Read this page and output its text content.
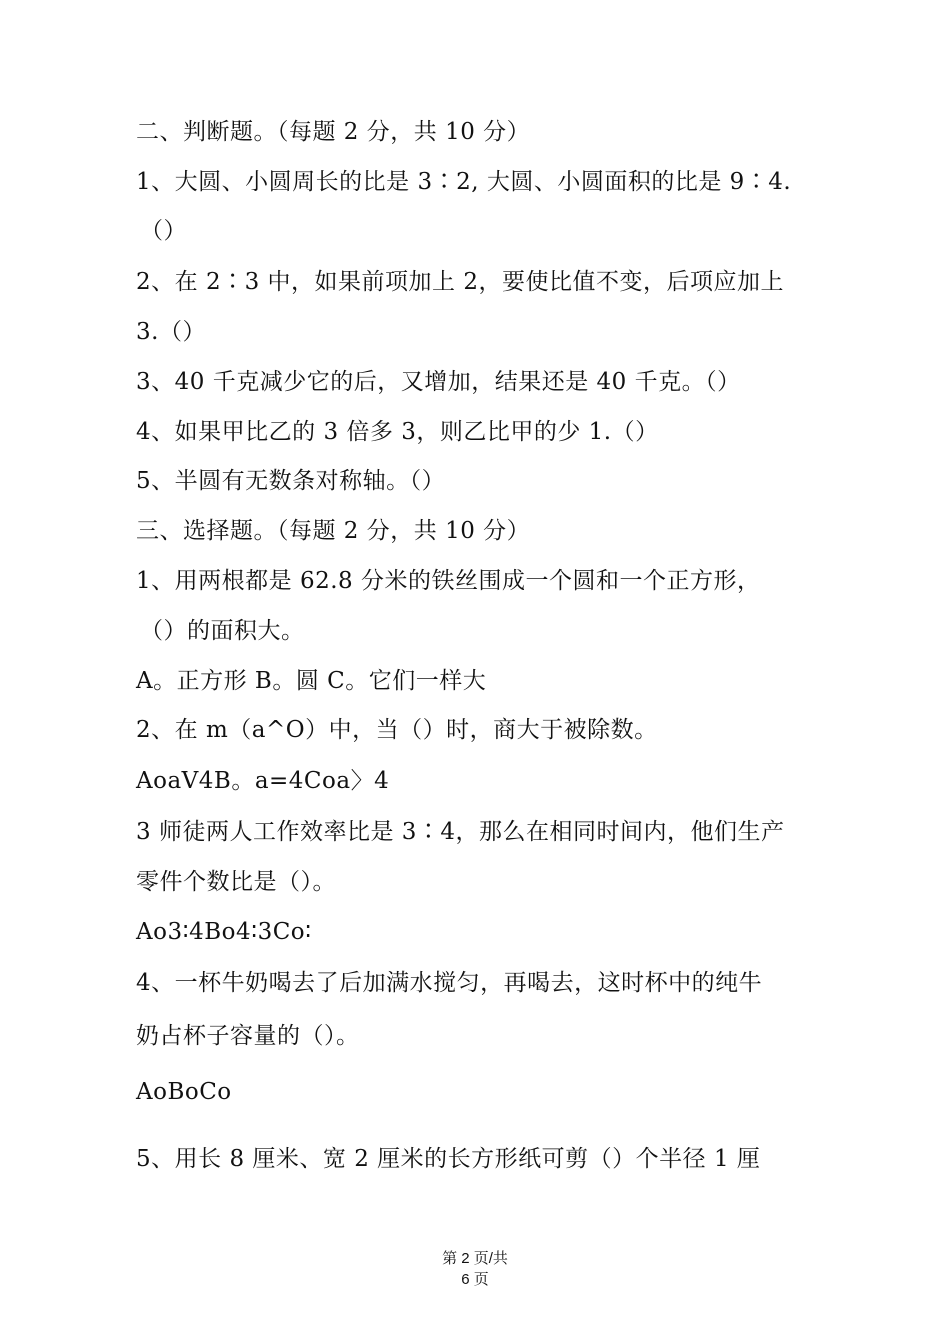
二、判断题。（每题 2 分，共 10 分）
1、大圆、小圆周长的比是 3∶2, 大圆、小圆面积的比是 9∶4.
（）
2、在 2∶3 中，如果前项加上 2，要使比值不变，后项应加上
3.（）
3、40 千克减少它的后，又增加，结果还是 40 千克。（）
4、如果甲比乙的 3 倍多 3，则乙比甲的少 1.（）
5、半圆有无数条对称轴。（）
三、选择题。（每题 2 分，共 10 分）
1、用两根都是 62.8 分米的铁丝围成一个圆和一个正方形，
（）的面积大。
A。正方形 B。圆 C。它们一样大
2、在 m（a^O）中，当（）时，商大于被除数。
AoaV4B。a=4Coa〉4
3 师徒两人工作效率比是 3∶4，那么在相同时间内，他们生产
零件个数比是（）。
Ao3∶4Bo4∶3Co∶
4、一杯牛奶喝去了后加满水搅匀，再喝去，这时杯中的纯牛
奶占杯子容量的（）。
AoBoCo
5、用长 8 厘米、宽 2 厘米的长方形纸可剪（）个半径 1 厘
第 2 页/共
6 页
